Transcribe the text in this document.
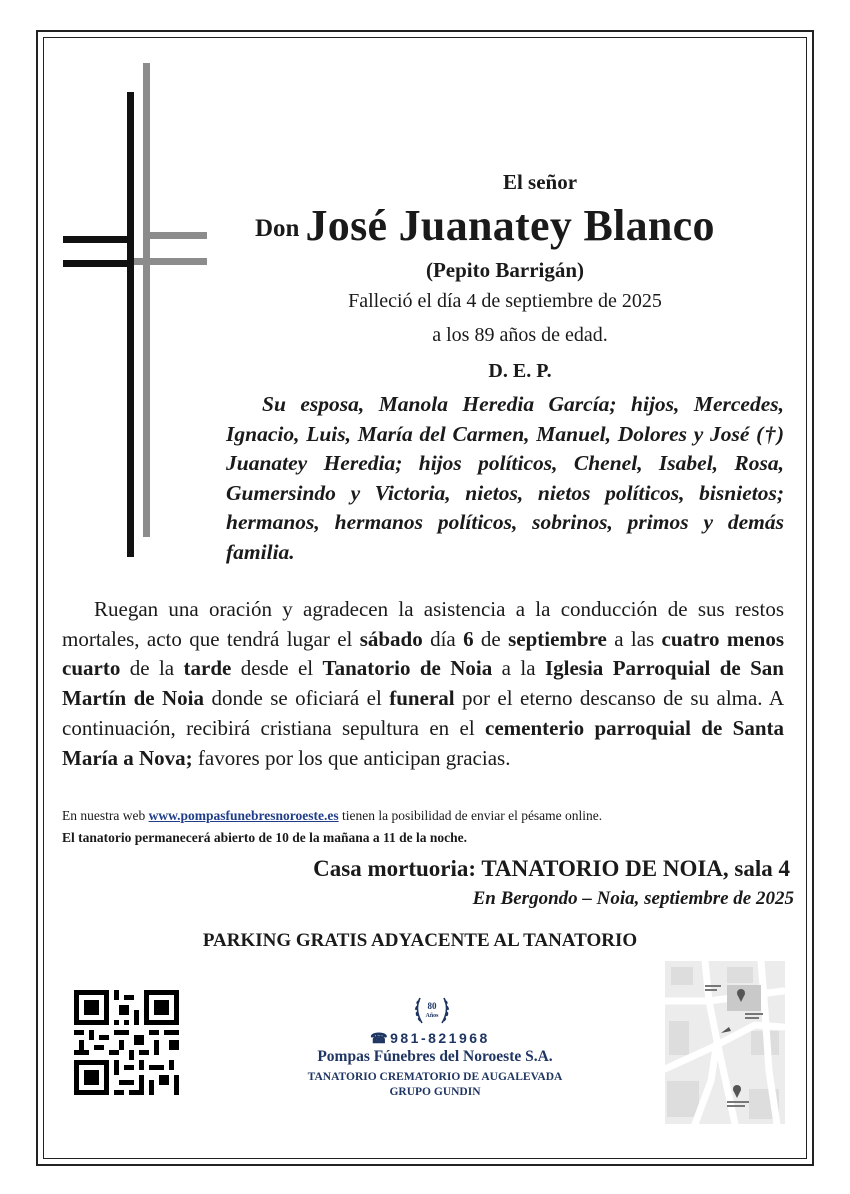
El señor
Don José Juanatey Blanco
(Pepito Barrigán)
Falleció el día 4 de septiembre de 2025
a los 89 años de edad.
D. E. P.
Su esposa, Manola Heredia García; hijos, Mercedes, Ignacio, Luis, María del Carmen, Manuel, Dolores y José (†) Juanatey Heredia; hijos políticos, Chenel, Isabel, Rosa, Gumersindo y Victoria, nietos, nietos políticos, bisnietos; hermanos, hermanos políticos, sobrinos, primos y demás familia.
Ruegan una oración y agradecen la asistencia a la conducción de sus restos mortales, acto que tendrá lugar el sábado día 6 de septiembre a las cuatro menos cuarto de la tarde desde el Tanatorio de Noia a la Iglesia Parroquial de San Martín de Noia donde se oficiará el funeral por el eterno descanso de su alma. A continuación, recibirá cristiana sepultura en el cementerio parroquial de Santa María a Nova; favores por los que anticipan gracias.
En nuestra web www.pompasfunebresnoroeste.es tienen la posibilidad de enviar el pésame online.
El tanatorio permanecerá abierto de 10 de la mañana a 11 de la noche.
Casa mortuoria: TANATORIO DE NOIA, sala 4
En Bergondo – Noia, septiembre de 2025
PARKING GRATIS ADYACENTE AL TANATORIO
80
Años
☎981-821968
Pompas Fúnebres del Noroeste S.A.
TANATORIO CREMATORIO DE AUGALEVADA
GRUPO GUNDIN
